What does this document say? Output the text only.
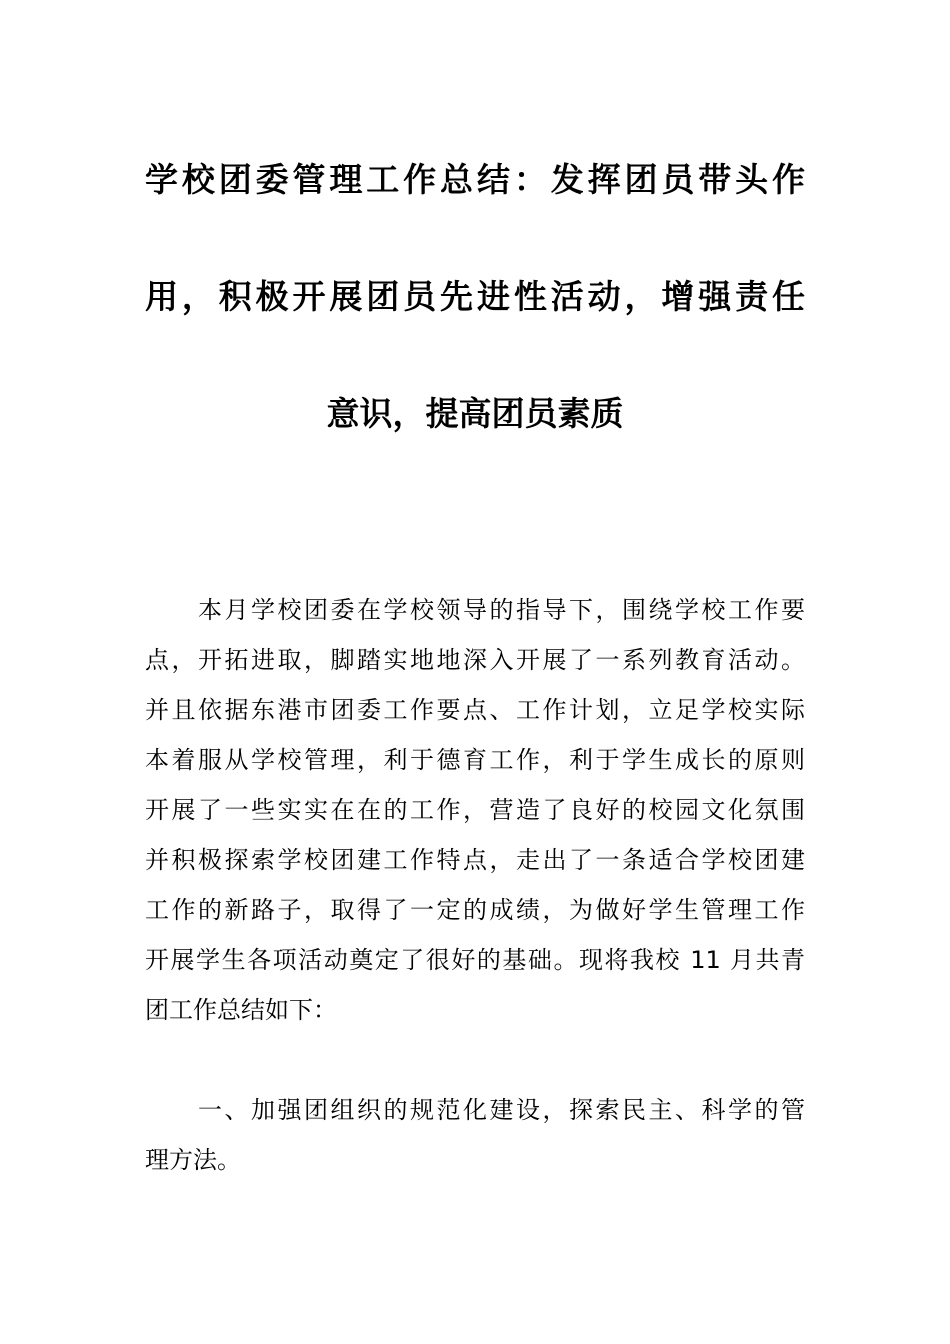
学校团委管理工作总结：发挥团员带头作
用，积极开展团员先进性活动，增强责任
意识，提高团员素质
本月学校团委在学校领导的指导下，围绕学校工作要
点，开拓进取，脚踏实地地深入开展了一系列教育活动。
并且依据东港市团委工作要点、工作计划，立足学校实际
本着服从学校管理，利于德育工作，利于学生成长的原则
开展了一些实实在在的工作，营造了良好的校园文化氛围
并积极探索学校团建工作特点，走出了一条适合学校团建
工作的新路子，取得了一定的成绩，为做好学生管理工作
开展学生各项活动奠定了很好的基础。现将我校 11 月共青
团工作总结如下：
一、加强团组织的规范化建设，探索民主、科学的管
理方法。
